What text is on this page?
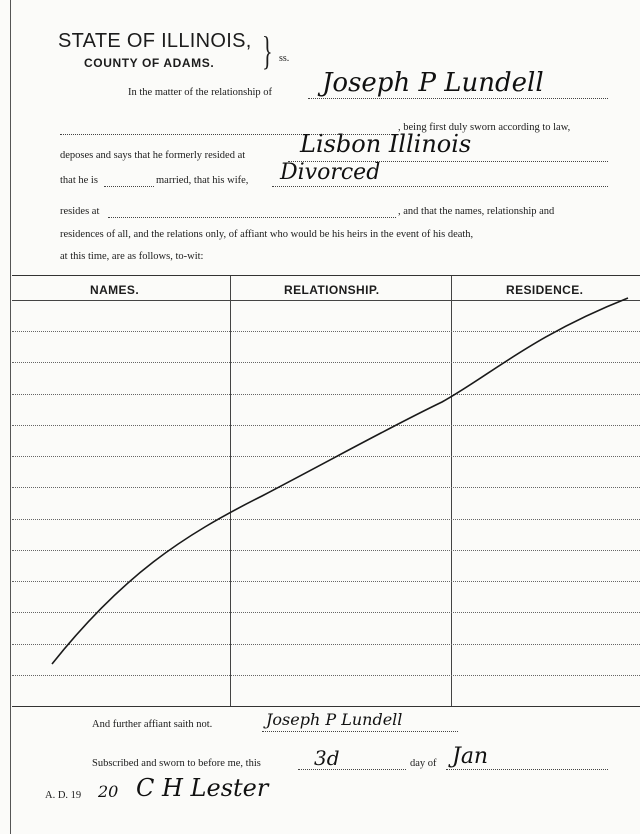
STATE OF ILLINOIS,
COUNTY OF ADAMS. } ss.
In the matter of the relationship of Joseph P Lundell
, being first duly sworn according to law,
deposes and says that he formerly resided at Lisbon Illinois
that he is	married, that his wife, Divorced
resides at	, and that the names, relationship and
residences of all, and the relations only, of affiant who would be his heirs in the event of his death,
at this time, are as follows, to-wit:
NAMES.	RELATIONSHIP.	RESIDENCE.
And further affiant saith not.	Joseph P Lundell
Subscribed and sworn to before me, this	3d	day of Jan
A. D. 19 20 C H Lester
